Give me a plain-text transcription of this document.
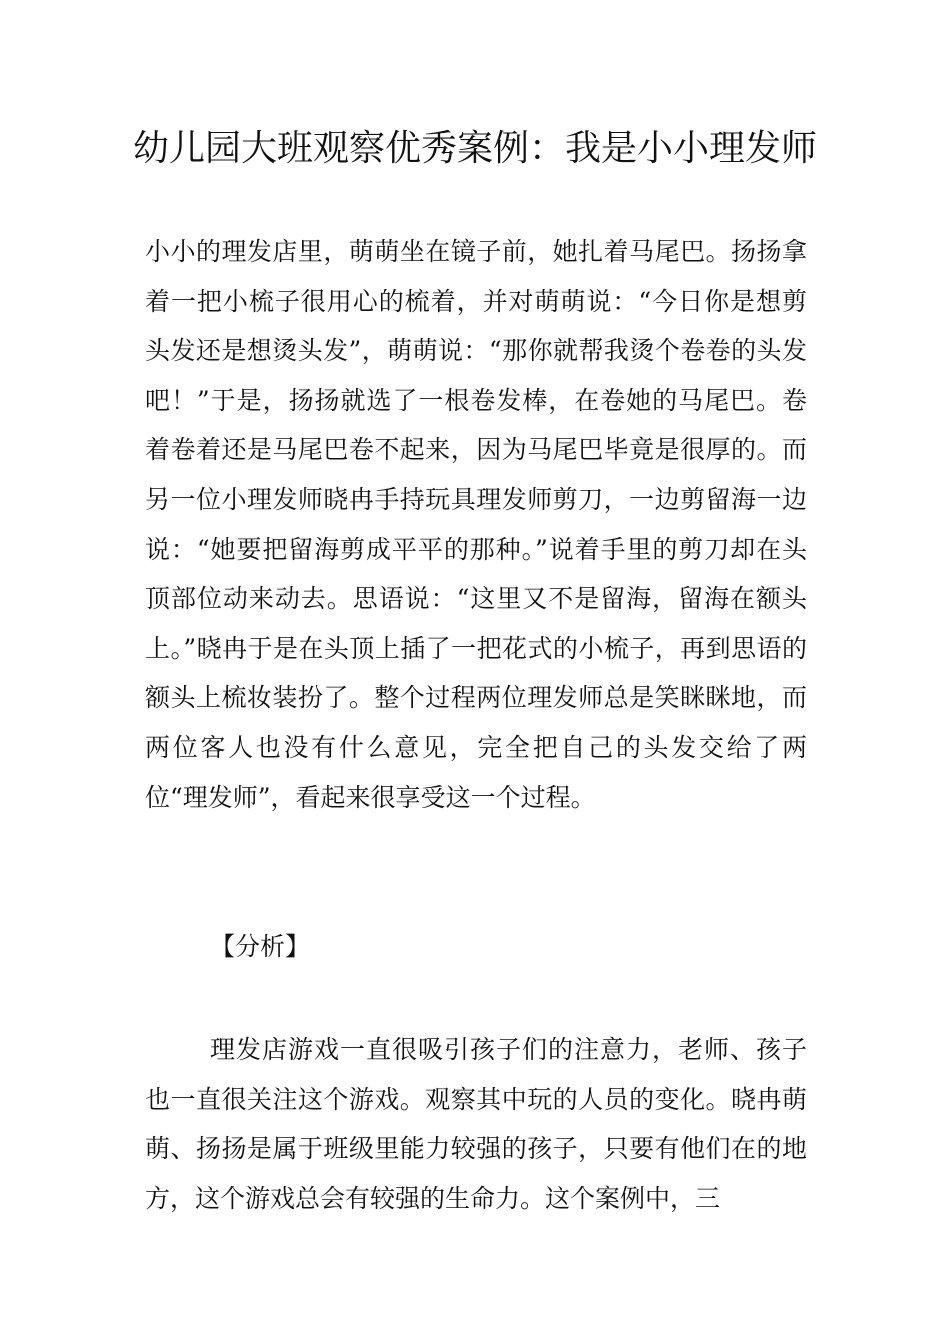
幼儿园大班观察优秀案例：我是小小理发师

小小的理发店里，萌萌坐在镜子前，她扎着马尾巴。扬扬拿着一把小梳子很用心的梳着，并对萌萌说：“今日你是想剪头发还是想烫头发”，萌萌说：“那你就帮我烫个卷卷的头发吧！”于是，扬扬就选了一根卷发棒，在卷她的马尾巴。卷着卷着还是马尾巴卷不起来，因为马尾巴毕竟是很厚的。而另一位小理发师晓冉手持玩具理发师剪刀，一边剪留海一边说：“她要把留海剪成平平的那种。”说着手里的剪刀却在头顶部位动来动去。思语说：“这里又不是留海，留海在额头上。”晓冉于是在头顶上插了一把花式的小梳子，再到思语的额头上梳妆装扮了。整个过程两位理发师总是笑眯眯地，而两位客人也没有什么意见，完全把自己的头发交给了两位“理发师”，看起来很享受这一个过程。

【分析】

理发店游戏一直很吸引孩子们的注意力，老师、孩子也一直很关注这个游戏。观察其中玩的人员的变化。晓冉萌萌、扬扬是属于班级里能力较强的孩子，只要有他们在的地方，这个游戏总会有较强的生命力。这个案例中，三
